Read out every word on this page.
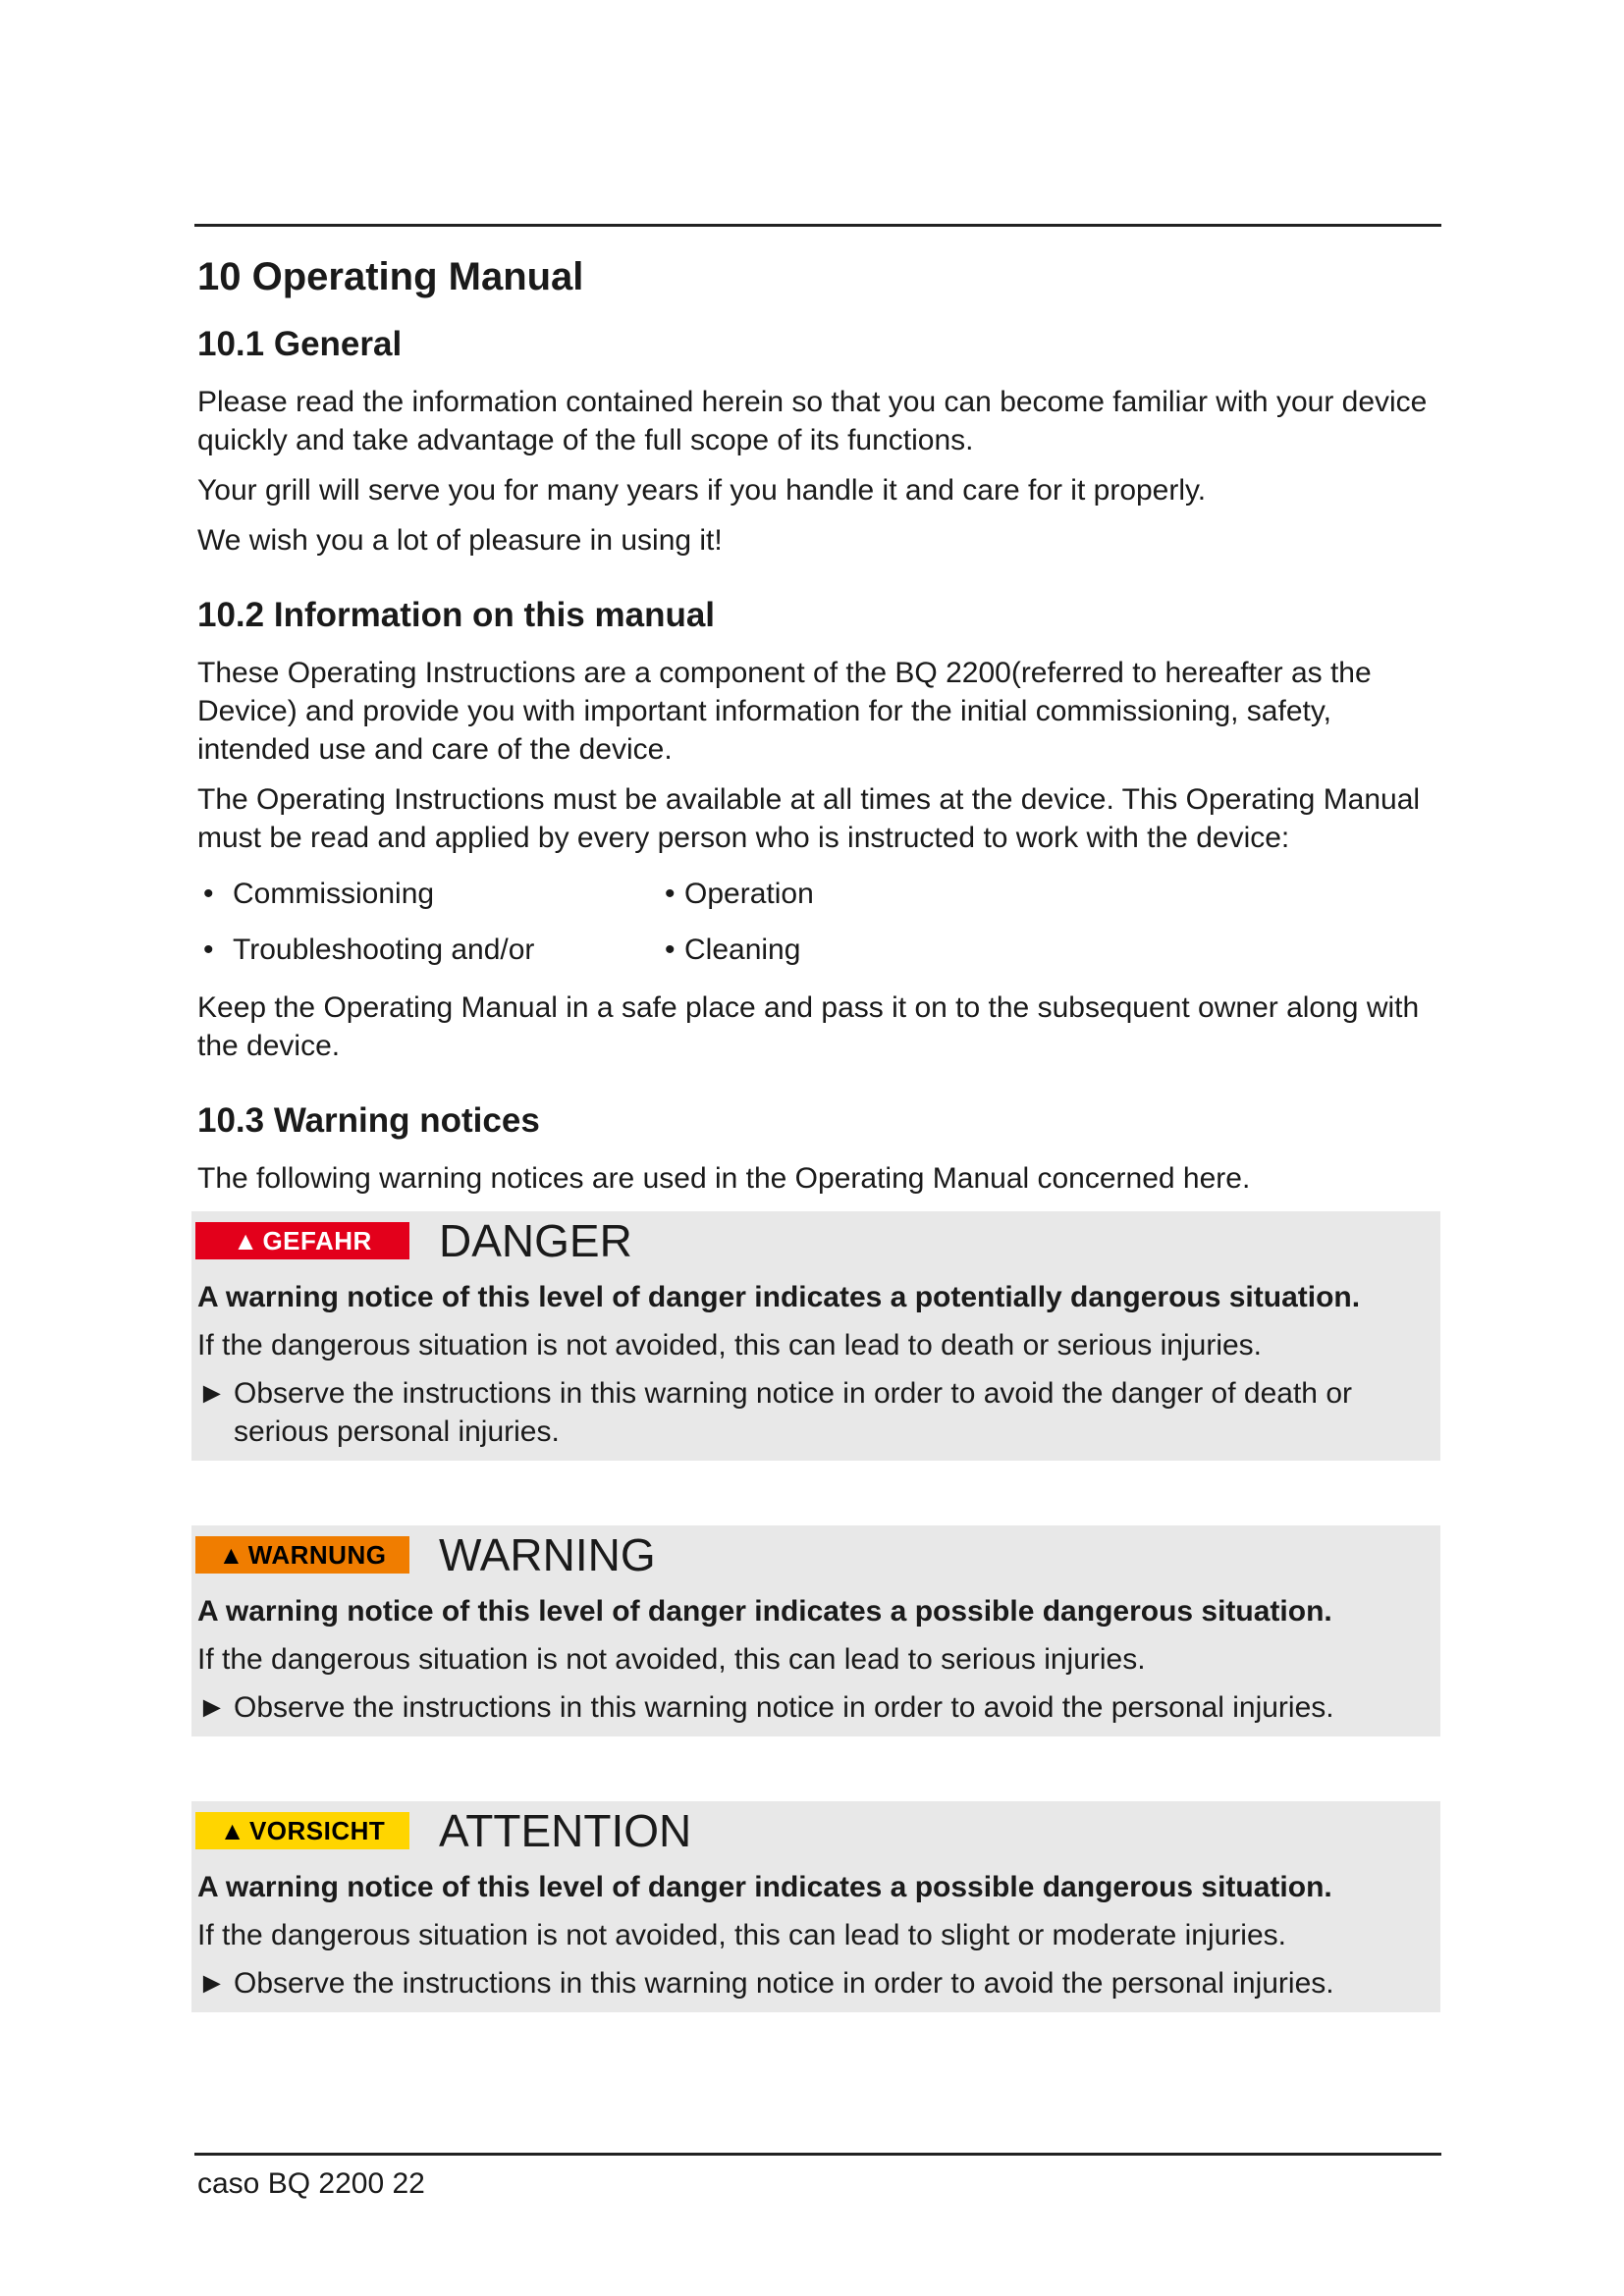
10 Operating Manual
10.1 General

Please read the information contained herein so that you can become familiar with your device quickly and take advantage of the full scope of its functions.

Your grill will serve you for many years if you handle it and care for it properly.

We wish you a lot of pleasure in using it!

10.2 Information on this manual

These Operating Instructions are a component of the BQ 2200(referred to hereafter as the Device) and provide you with important information for the initial commissioning, safety, intended use and care of the device.

The Operating Instructions must be available at all times at the device. This Operating Manual must be read and applied by every person who is instructed to work with the device:

• Commissioning	• Operation
• Troubleshooting and/or	• Cleaning

Keep the Operating Manual in a safe place and pass it on to the subsequent owner along with the device.

10.3 Warning notices

The following warning notices are used in the Operating Manual concerned here.

▲ GEFAHR DANGER
A warning notice of this level of danger indicates a potentially dangerous situation.
If the dangerous situation is not avoided, this can lead to death or serious injuries.
► Observe the instructions in this warning notice in order to avoid the danger of death or serious personal injuries.
▲ WARNUNG WARNING
A warning notice of this level of danger indicates a possible dangerous situation.
If the dangerous situation is not avoided, this can lead to serious injuries.
► Observe the instructions in this warning notice in order to avoid the personal injuries.
▲ VORSICHT ATTENTION
A warning notice of this level of danger indicates a possible dangerous situation.
If the dangerous situation is not avoided, this can lead to slight or moderate injuries.
► Observe the instructions in this warning notice in order to avoid the personal injuries.
caso BQ 2200 22
